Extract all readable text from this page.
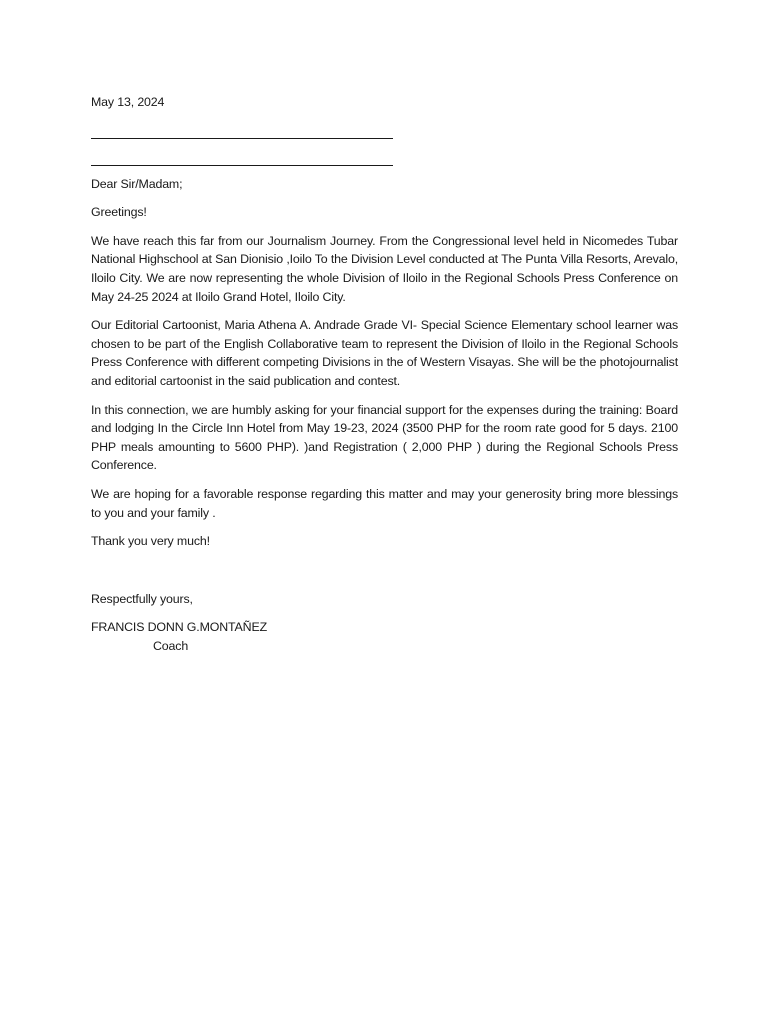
May 13, 2024
Dear Sir/Madam;
Greetings!
We have reach this far from our Journalism Journey. From the Congressional level held in Nicomedes Tubar National Highschool at San Dionisio ,Ioilo To the Division Level conducted at The Punta Villa Resorts, Arevalo, Iloilo City. We are now representing the whole Division of Iloilo in the Regional Schools Press Conference on May 24-25 2024 at Iloilo Grand Hotel, Iloilo City.
Our Editorial Cartoonist, Maria Athena A. Andrade Grade VI- Special Science Elementary school learner was chosen to be part of the English Collaborative team to represent the Division of Iloilo in the Regional Schools Press Conference with different competing Divisions in the of Western Visayas. She will be the photojournalist and editorial cartoonist in the said publication and contest.
In this connection, we are humbly asking for your financial support for the expenses during the training: Board and lodging In the Circle Inn Hotel from May 19-23, 2024 (3500 PHP for the room rate good for 5 days. 2100 PHP meals amounting to 5600 PHP). )and Registration ( 2,000 PHP ) during the Regional Schools Press Conference.
We are hoping for a favorable response regarding this matter and may your generosity bring more blessings to you and your family .
Thank you very much!
Respectfully yours,
FRANCIS DONN G.MONTAÑEZ
Coach
